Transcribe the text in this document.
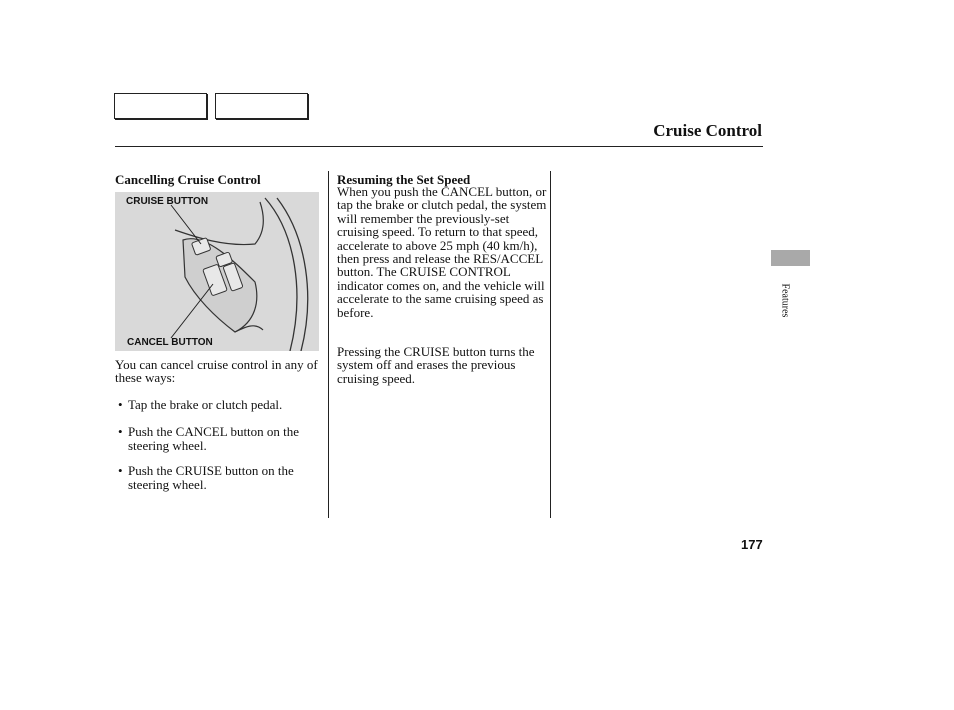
Cruise Control
Cancelling Cruise Control
CRUISE BUTTON
CANCEL BUTTON
You can cancel cruise control in any of these ways:
• Tap the brake or clutch pedal.
• Push the CANCEL button on the steering wheel.
• Push the CRUISE button on the steering wheel.
Resuming the Set Speed
When you push the CANCEL button, or tap the brake or clutch pedal, the system will remember the previously-set cruising speed. To return to that speed, accelerate to above 25 mph (40 km/h), then press and release the RES/ACCEL button. The CRUISE CONTROL indicator comes on, and the vehicle will accelerate to the same cruising speed as before.
Pressing the CRUISE button turns the system off and erases the previous cruising speed.
Features
177
